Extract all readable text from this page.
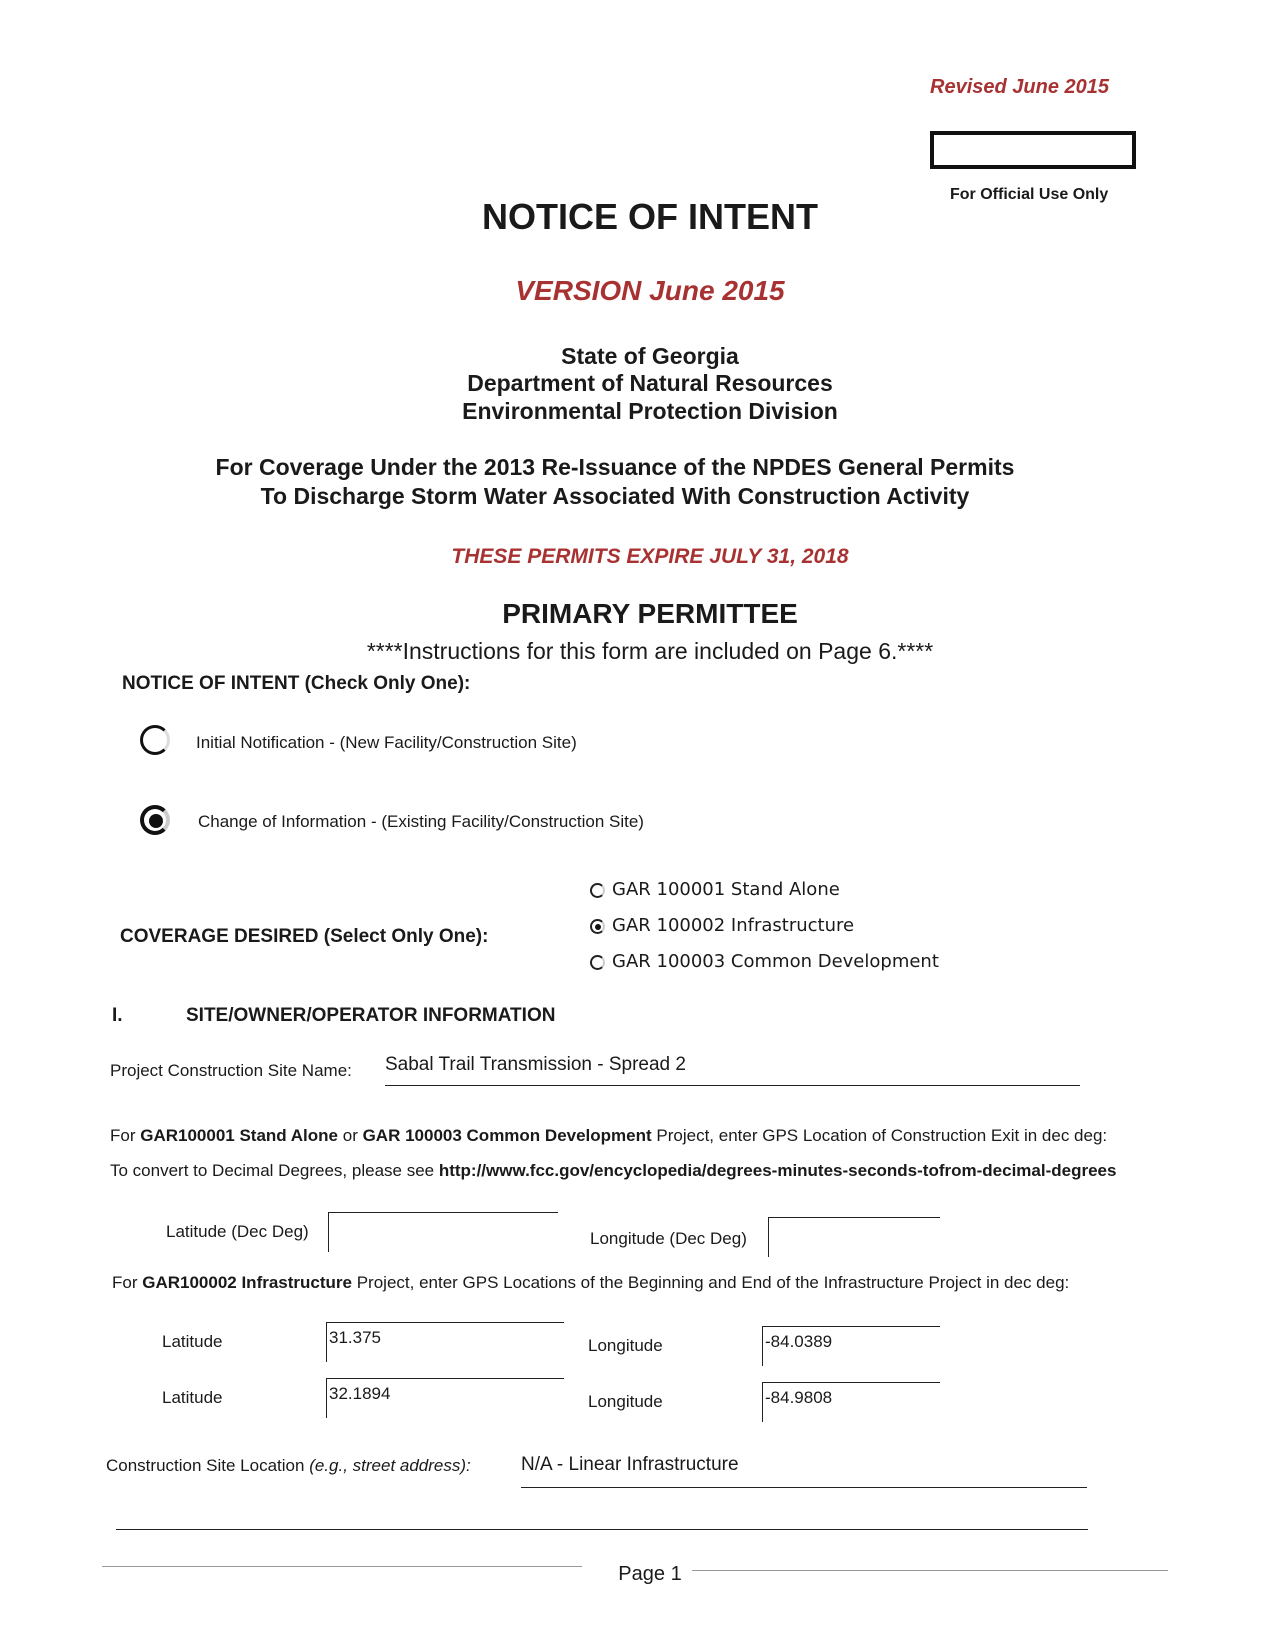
Revised June 2015
For Official Use Only
NOTICE OF INTENT
VERSION June 2015
State of Georgia
Department of Natural Resources
Environmental Protection Division
For Coverage Under the 2013 Re-Issuance of the NPDES General Permits
To Discharge Storm Water Associated With Construction Activity
THESE PERMITS EXPIRE JULY 31, 2018
PRIMARY PERMITTEE
****Instructions for this form are included on Page 6.****
NOTICE OF INTENT (Check Only One):
Initial Notification - (New Facility/Construction Site)
Change of Information - (Existing Facility/Construction Site)
COVERAGE DESIRED (Select Only One):
GAR 100001 Stand Alone
GAR 100002 Infrastructure
GAR 100003 Common Development
I.	SITE/OWNER/OPERATOR INFORMATION
Project Construction Site Name: Sabal Trail Transmission - Spread 2
For GAR100001 Stand Alone or GAR 100003 Common Development Project, enter GPS Location of Construction Exit in dec deg:
To convert to Decimal Degrees, please see http://www.fcc.gov/encyclopedia/degrees-minutes-seconds-tofrom-decimal-degrees
Latitude (Dec Deg)	Longitude (Dec Deg)
For GAR100002 Infrastructure Project, enter GPS Locations of the Beginning and End of the Infrastructure Project in dec deg:
Latitude	31.375	Longitude	-84.0389
Latitude	32.1894	Longitude	-84.9808
Construction Site Location (e.g., street address):	N/A - Linear Infrastructure
Page 1
